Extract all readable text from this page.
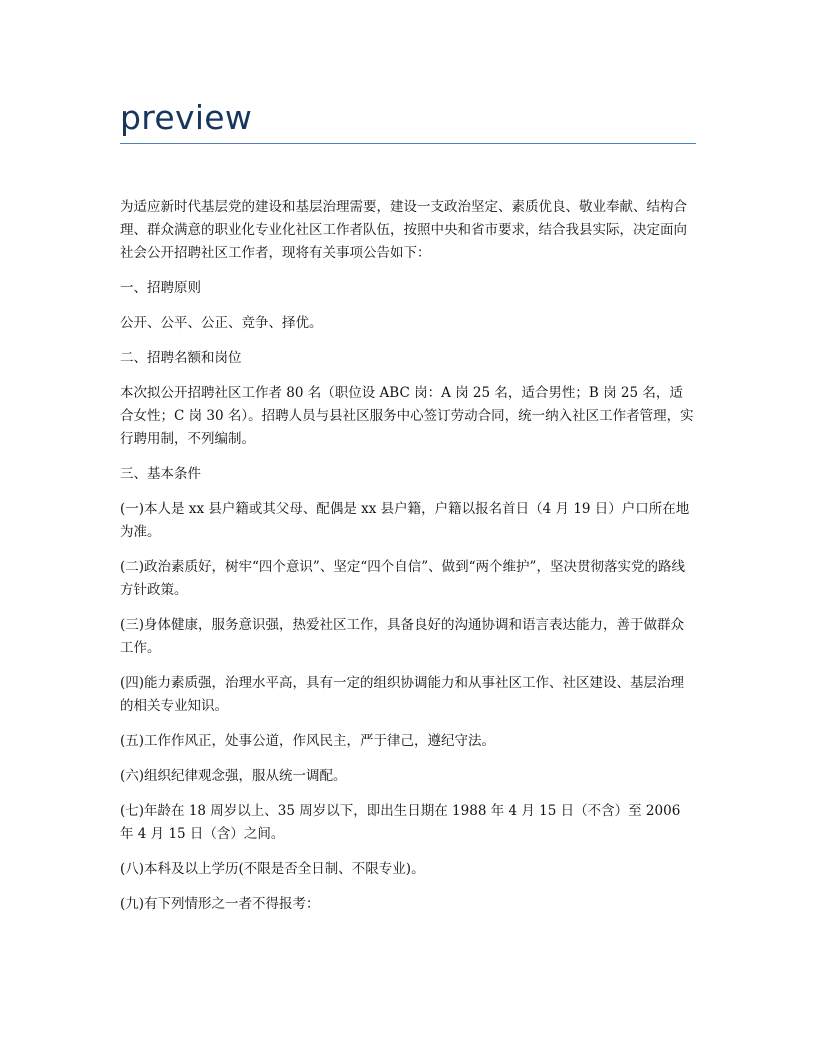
preview

为适应新时代基层党的建设和基层治理需要，建设一支政治坚定、素质优良、敬业奉献、结构合理、群众满意的职业化专业化社区工作者队伍，按照中央和省市要求，结合我县实际，决定面向社会公开招聘社区工作者，现将有关事项公告如下：

一、招聘原则

公开、公平、公正、竞争、择优。

二、招聘名额和岗位

本次拟公开招聘社区工作者 80 名（职位设 ABC 岗：A 岗 25 名，适合男性；B 岗 25 名，适合女性；C 岗 30 名）。招聘人员与县社区服务中心签订劳动合同，统一纳入社区工作者管理，实行聘用制，不列编制。

三、基本条件

(一)本人是 xx 县户籍或其父母、配偶是 xx 县户籍，户籍以报名首日（4 月 19 日）户口所在地为准。

(二)政治素质好，树牢“四个意识”、坚定“四个自信”、做到“两个维护”，坚决贯彻落实党的路线方针政策。

(三)身体健康，服务意识强，热爱社区工作，具备良好的沟通协调和语言表达能力，善于做群众工作。

(四)能力素质强，治理水平高，具有一定的组织协调能力和从事社区工作、社区建设、基层治理的相关专业知识。

(五)工作作风正，处事公道，作风民主，严于律己，遵纪守法。

(六)组织纪律观念强，服从统一调配。

(七)年龄在 18 周岁以上、35 周岁以下，即出生日期在 1988 年 4 月 15 日（不含）至 2006 年 4 月 15 日（含）之间。

(八)本科及以上学历(不限是否全日制、不限专业)。

(九)有下列情形之一者不得报考：
